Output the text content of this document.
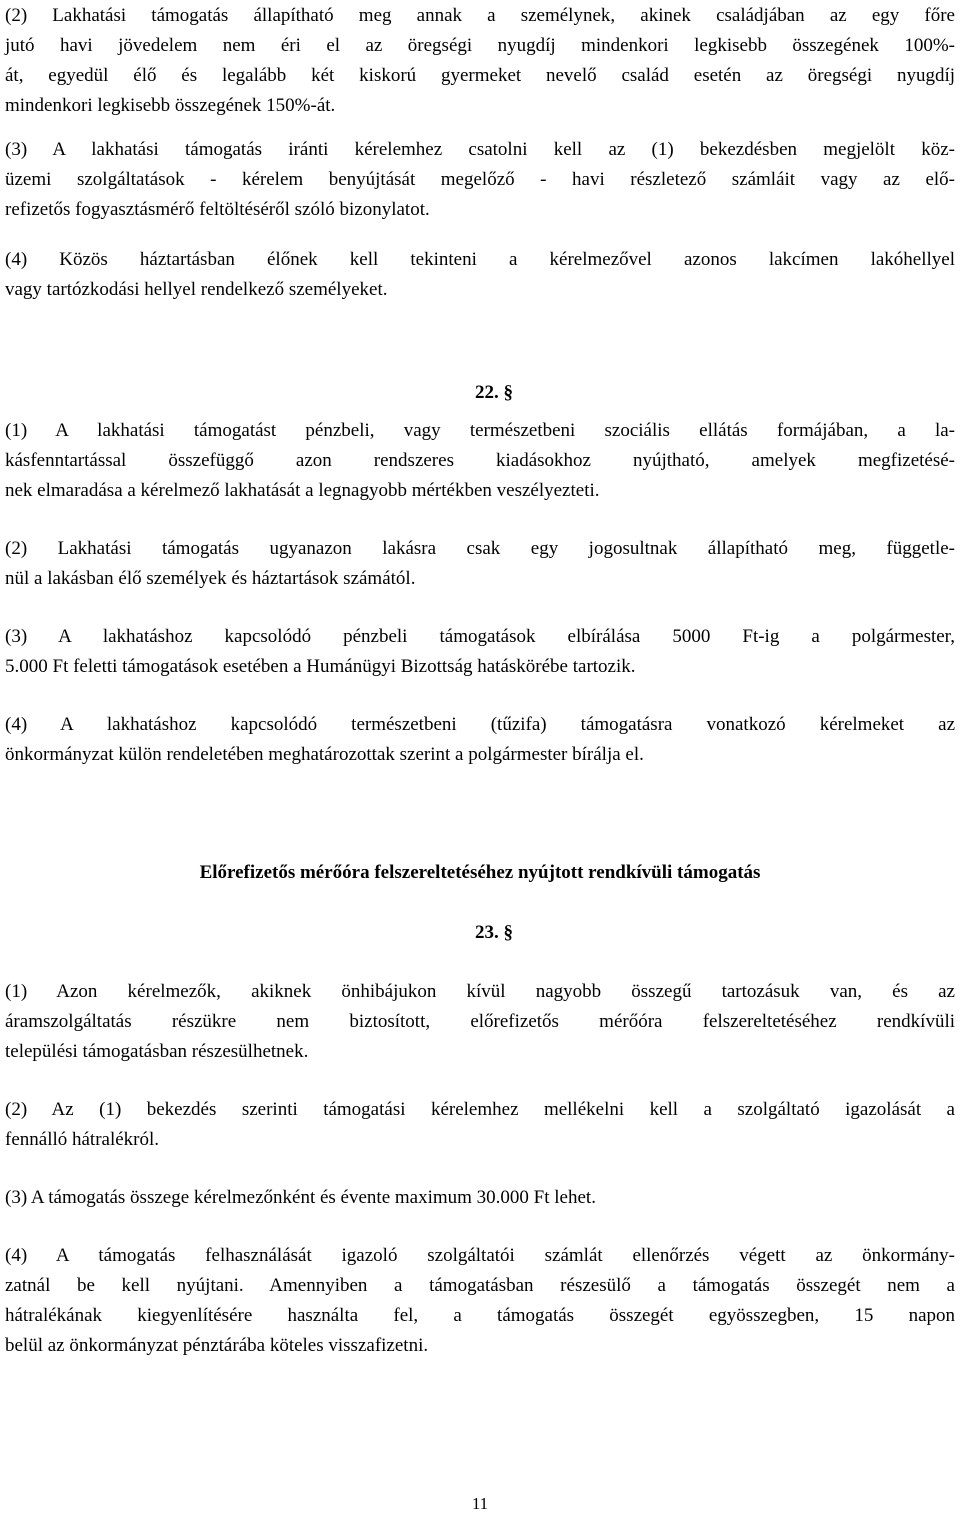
(2) Lakhatási támogatás állapítható meg annak a személynek, akinek családjában az egy főre
jutó havi jövedelem nem éri el az öregségi nyugdíj mindenkori legkisebb összegének 100%-
át, egyedül élő és legalább két kiskorú gyermeket nevelő család esetén az öregségi nyugdíj
mindenkori legkisebb összegének 150%-át.
(3) A lakhatási támogatás iránti kérelemhez csatolni kell az (1) bekezdésben megjelölt köz-
üzemi szolgáltatások - kérelem benyújtását megelőző - havi részletező számláit vagy az elő-
refizetős fogyasztásmérő feltöltéséről szóló bizonylatot.
(4) Közös háztartásban élőnek kell tekinteni a kérelmezővel azonos lakcímen lakóhellyel
vagy tartózkodási hellyel rendelkező személyeket.
22. §
(1) A lakhatási támogatást pénzbeli, vagy természetbeni szociális ellátás formájában, a la-
kásfenntartással összefüggő azon rendszeres kiadásokhoz nyújtható, amelyek megfizetésé-
nek elmaradása a kérelmező lakhatását a legnagyobb mértékben veszélyezteti.
(2) Lakhatási támogatás ugyanazon lakásra csak egy jogosultnak állapítható meg, függetle-
nül a lakásban élő személyek és háztartások számától.
(3) A lakhatáshoz kapcsolódó pénzbeli támogatások elbírálása 5000 Ft-ig a polgármester,
5.000 Ft feletti támogatások esetében a Humánügyi Bizottság hatáskörébe tartozik.
(4) A lakhatáshoz kapcsolódó természetbeni (tűzifa) támogatásra vonatkozó kérelmeket az
önkormányzat külön rendeletében meghatározottak szerint a polgármester bírálja el.
Előrefizetős mérőóra felszereltetéséhez nyújtott rendkívüli támogatás
23. §
(1) Azon kérelmezők, akiknek önhibájukon kívül nagyobb összegű tartozásuk van, és az
áramszolgáltatás részükre nem biztosított, előrefizetős mérőóra felszereltetéséhez rendkívüli
települési támogatásban részesülhetnek.
(2) Az (1) bekezdés szerinti támogatási kérelemhez mellékelni kell a szolgáltató igazolását a
fennálló hátralékról.
(3) A támogatás összege kérelmezőnként és évente maximum 30.000 Ft lehet.
(4) A támogatás felhasználását igazoló szolgáltatói számlát ellenőrzés végett az önkormány-
zatnál be kell nyújtani. Amennyiben a támogatásban részesülő a támogatás összegét nem a
hátralékának kiegyenlítésére használta fel, a támogatás összegét egyösszegben, 15 napon
belül az önkormányzat pénztárába köteles visszafizetni.
11
